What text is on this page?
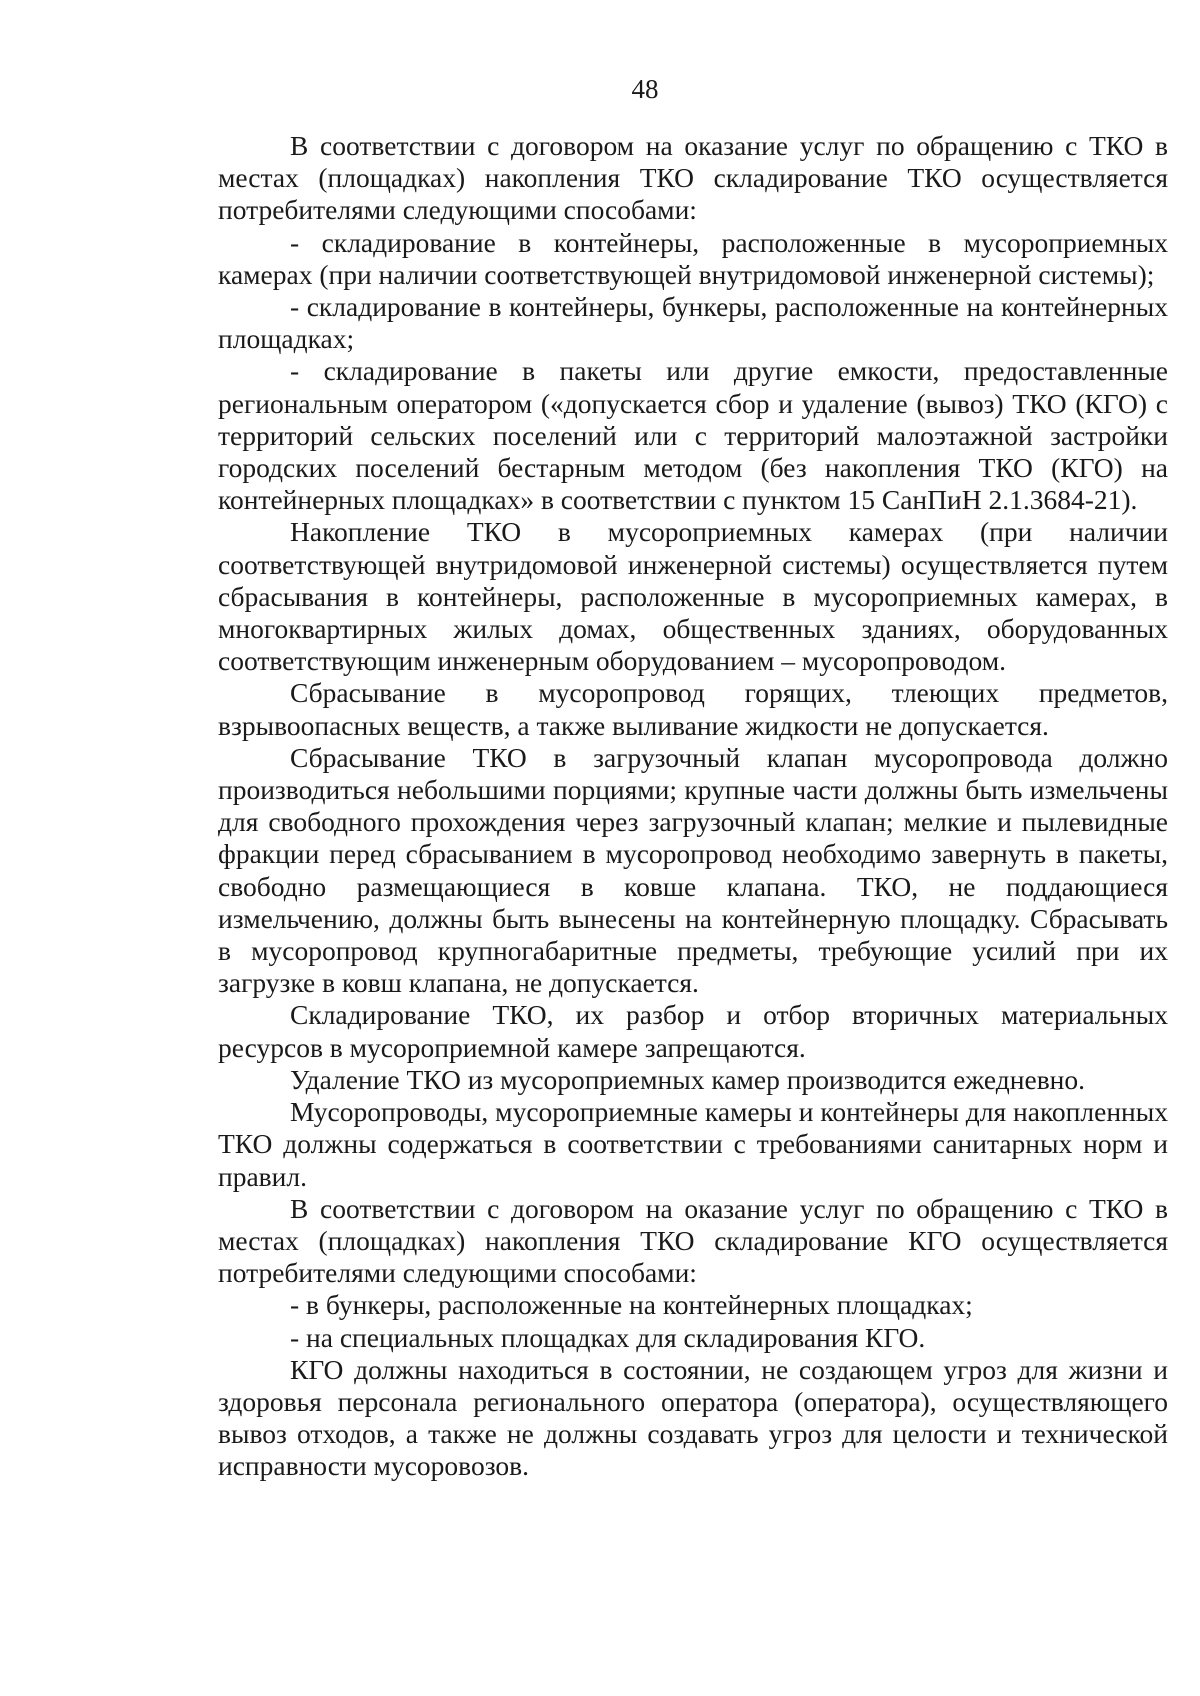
48

В соответствии с договором на оказание услуг по обращению с ТКО в местах (площадках) накопления ТКО складирование ТКО осуществляется потребителями следующими способами:

- складирование в контейнеры, расположенные в мусороприемных камерах (при наличии соответствующей внутридомовой инженерной системы);

- складирование в контейнеры, бункеры, расположенные на контейнерных площадках;

- складирование в пакеты или другие емкости, предоставленные региональным оператором («допускается сбор и удаление (вывоз) ТКО (КГО) с территорий сельских поселений или с территорий малоэтажной застройки городских поселений бестарным методом (без накопления ТКО (КГО) на контейнерных площадках» в соответствии с пунктом 15 СанПиН 2.1.3684-21).

Накопление ТКО в мусороприемных камерах (при наличии соответствующей внутридомовой инженерной системы) осуществляется путем сбрасывания в контейнеры, расположенные в мусороприемных камерах, в многоквартирных жилых домах, общественных зданиях, оборудованных соответствующим инженерным оборудованием – мусоропроводом.

Сбрасывание в мусоропровод горящих, тлеющих предметов, взрывоопасных веществ, а также выливание жидкости не допускается.

Сбрасывание ТКО в загрузочный клапан мусоропровода должно производиться небольшими порциями; крупные части должны быть измельчены для свободного прохождения через загрузочный клапан; мелкие и пылевидные фракции перед сбрасыванием в мусоропровод необходимо завернуть в пакеты, свободно размещающиеся в ковше клапана. ТКО, не поддающиеся измельчению, должны быть вынесены на контейнерную площадку. Сбрасывать в мусоропровод крупногабаритные предметы, требующие усилий при их загрузке в ковш клапана, не допускается.

Складирование ТКО, их разбор и отбор вторичных материальных ресурсов в мусороприемной камере запрещаются.

Удаление ТКО из мусороприемных камер производится ежедневно.

Мусоропроводы, мусороприемные камеры и контейнеры для накопленных ТКО должны содержаться в соответствии с требованиями санитарных норм и правил.

В соответствии с договором на оказание услуг по обращению с ТКО в местах (площадках) накопления ТКО складирование КГО осуществляется потребителями следующими способами:

- в бункеры, расположенные на контейнерных площадках;

- на специальных площадках для складирования КГО.

КГО должны находиться в состоянии, не создающем угроз для жизни и здоровья персонала регионального оператора (оператора), осуществляющего вывоз отходов, а также не должны создавать угроз для целости и технической исправности мусоровозов.
